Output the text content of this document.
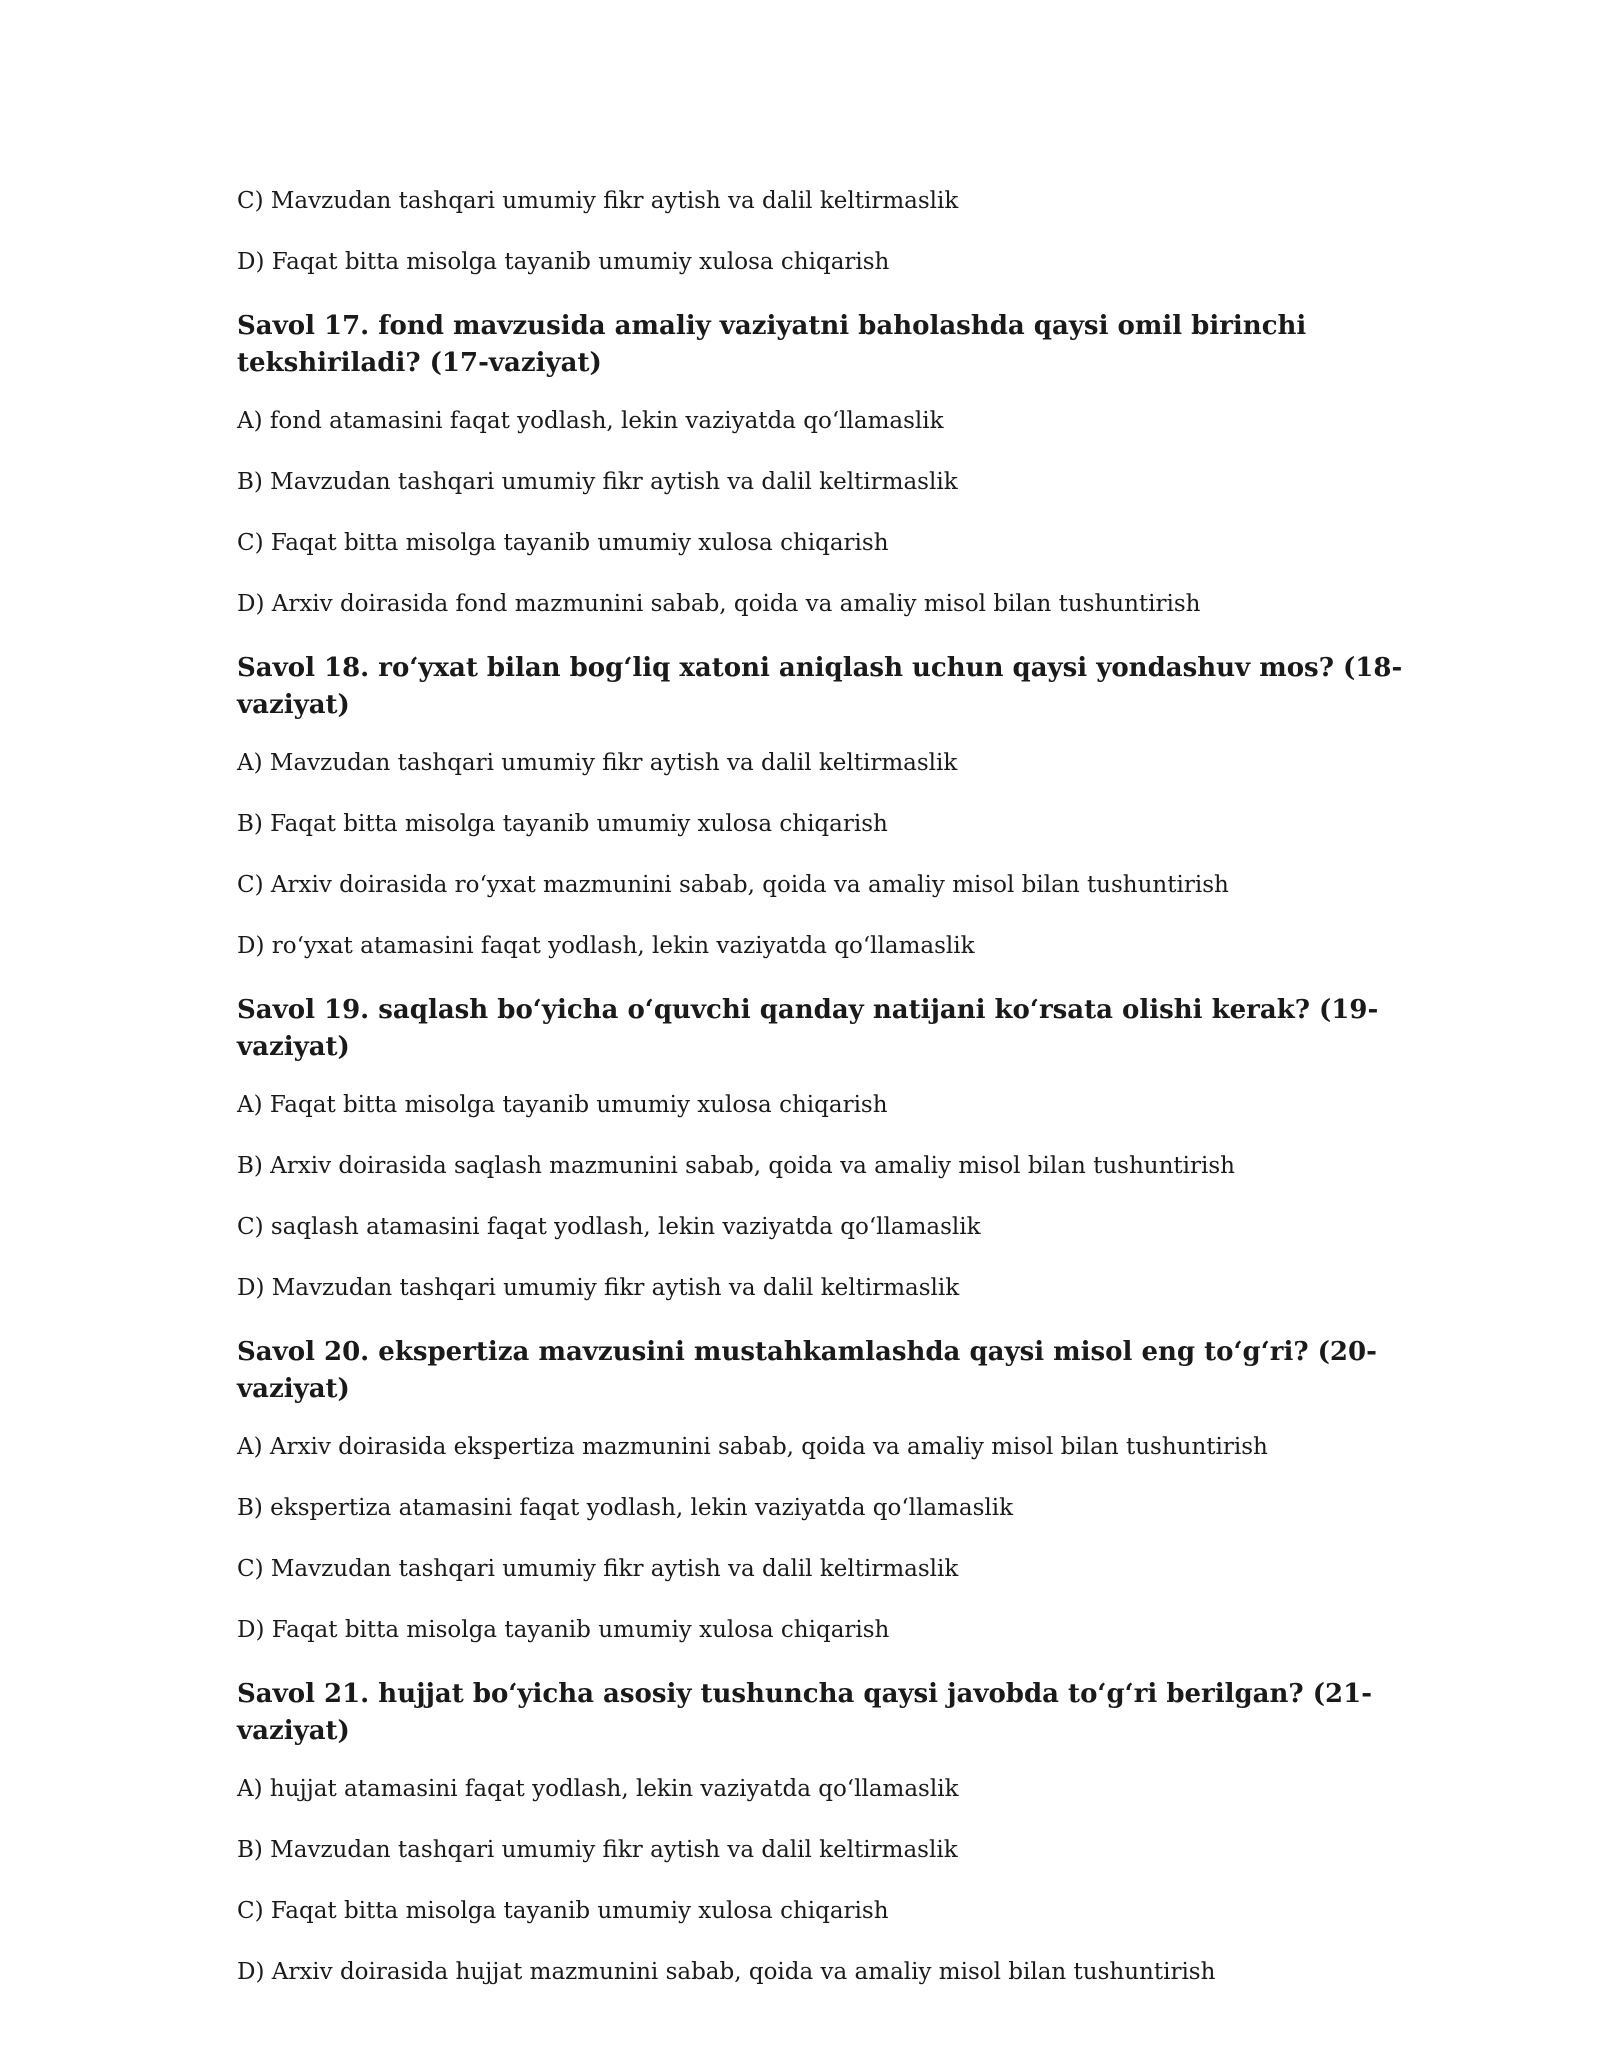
C) Mavzudan tashqari umumiy fikr aytish va dalil keltirmaslik

D) Faqat bitta misolga tayanib umumiy xulosa chiqarish

Savol 17. fond mavzusida amaliy vaziyatni baholashda qaysi omil birinchi tekshiriladi? (17-vaziyat)

A) fond atamasini faqat yodlash, lekin vaziyatda qo‘llamaslik

B) Mavzudan tashqari umumiy fikr aytish va dalil keltirmaslik

C) Faqat bitta misolga tayanib umumiy xulosa chiqarish

D) Arxiv doirasida fond mazmunini sabab, qoida va amaliy misol bilan tushuntirish

Savol 18. ro‘yxat bilan bog‘liq xatoni aniqlash uchun qaysi yondashuv mos? (18-vaziyat)

A) Mavzudan tashqari umumiy fikr aytish va dalil keltirmaslik

B) Faqat bitta misolga tayanib umumiy xulosa chiqarish

C) Arxiv doirasida ro‘yxat mazmunini sabab, qoida va amaliy misol bilan tushuntirish

D) ro‘yxat atamasini faqat yodlash, lekin vaziyatda qo‘llamaslik

Savol 19. saqlash bo‘yicha o‘quvchi qanday natijani ko‘rsata olishi kerak? (19-vaziyat)

A) Faqat bitta misolga tayanib umumiy xulosa chiqarish

B) Arxiv doirasida saqlash mazmunini sabab, qoida va amaliy misol bilan tushuntirish

C) saqlash atamasini faqat yodlash, lekin vaziyatda qo‘llamaslik

D) Mavzudan tashqari umumiy fikr aytish va dalil keltirmaslik

Savol 20. ekspertiza mavzusini mustahkamlashda qaysi misol eng to‘g‘ri? (20-vaziyat)

A) Arxiv doirasida ekspertiza mazmunini sabab, qoida va amaliy misol bilan tushuntirish

B) ekspertiza atamasini faqat yodlash, lekin vaziyatda qo‘llamaslik

C) Mavzudan tashqari umumiy fikr aytish va dalil keltirmaslik

D) Faqat bitta misolga tayanib umumiy xulosa chiqarish

Savol 21. hujjat bo‘yicha asosiy tushuncha qaysi javobda to‘g‘ri berilgan? (21-vaziyat)

A) hujjat atamasini faqat yodlash, lekin vaziyatda qo‘llamaslik

B) Mavzudan tashqari umumiy fikr aytish va dalil keltirmaslik

C) Faqat bitta misolga tayanib umumiy xulosa chiqarish

D) Arxiv doirasida hujjat mazmunini sabab, qoida va amaliy misol bilan tushuntirish
